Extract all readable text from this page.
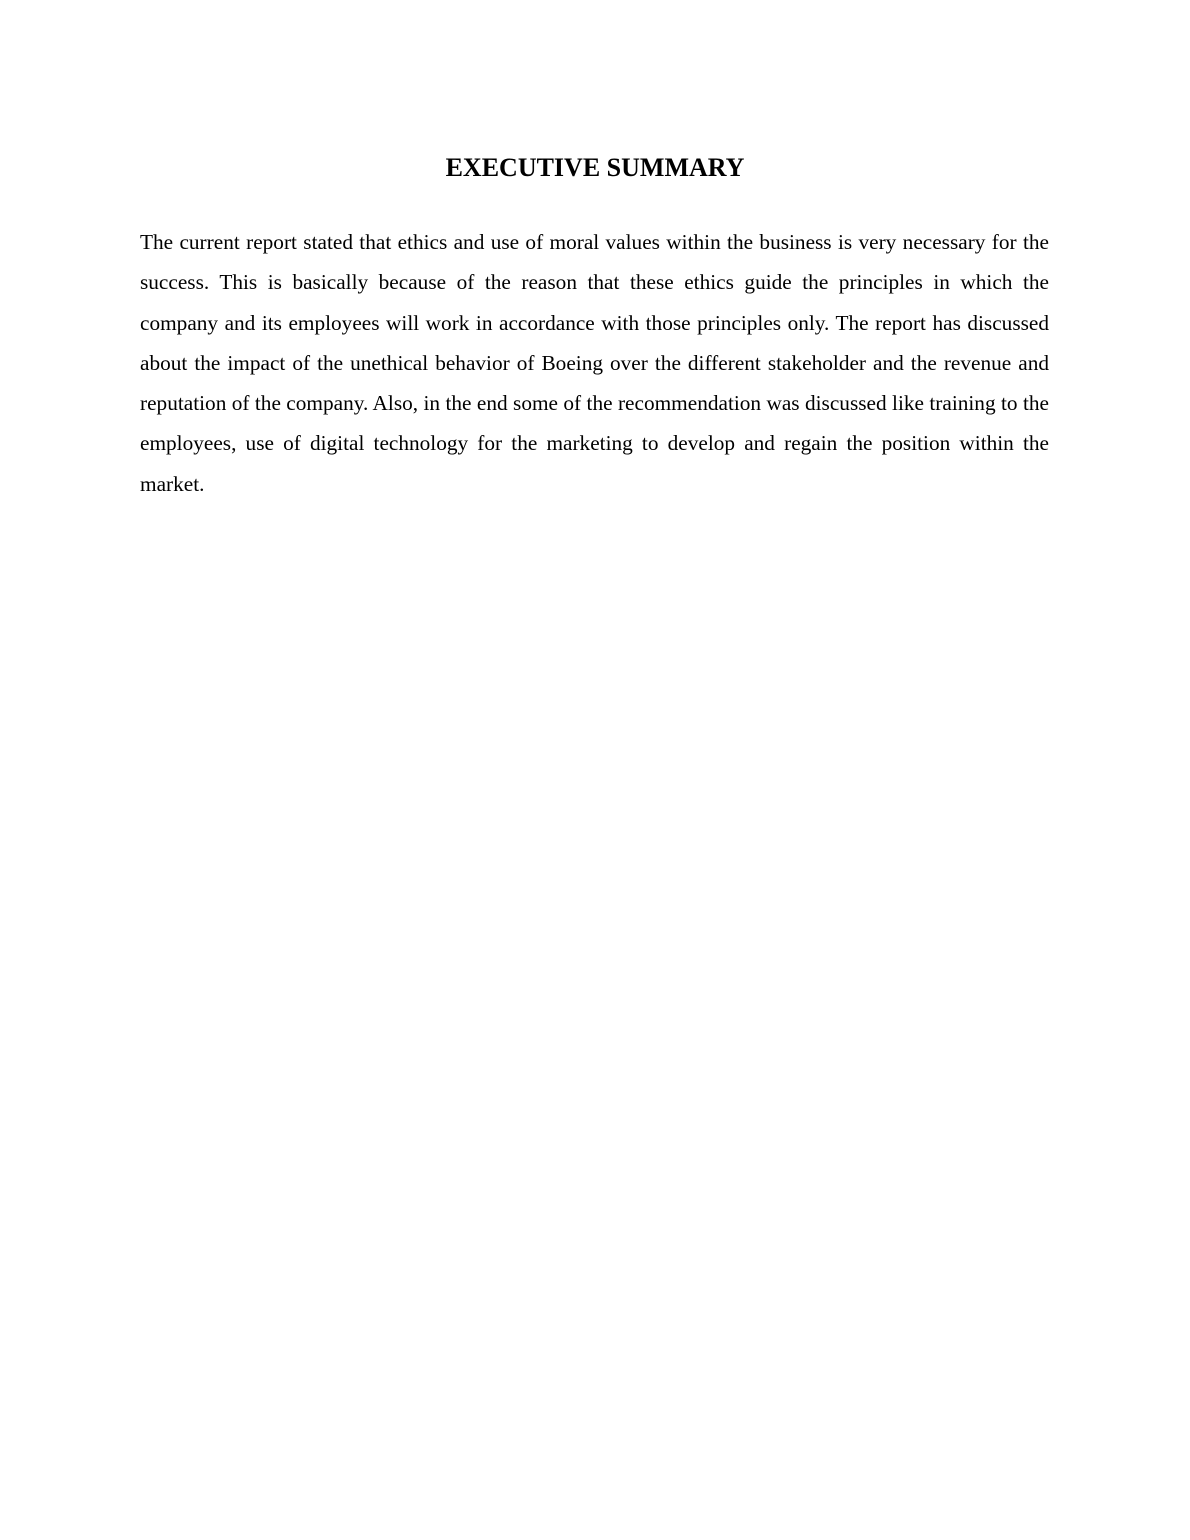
EXECUTIVE SUMMARY

The current report stated that ethics and use of moral values within the business is very necessary for the success. This is basically because of the reason that these ethics guide the principles in which the company and its employees will work in accordance with those principles only. The report has discussed about the impact of the unethical behavior of Boeing over the different stakeholder and the revenue and reputation of the company. Also, in the end some of the recommendation was discussed like training to the employees, use of digital technology for the marketing to develop and regain the position within the market.
